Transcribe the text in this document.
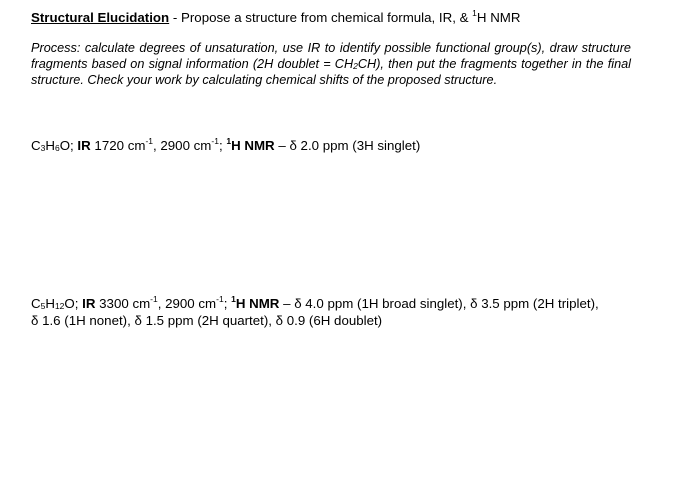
Structural Elucidation - Propose a structure from chemical formula, IR, & $^1$H NMR
Process: calculate degrees of unsaturation, use IR to identify possible functional group(s), draw structure fragments based on signal information (2H doublet = $CH_2CH$), then put the fragments together in the final structure. Check your work by calculating chemical shifts of the proposed structure.
$C_3H_6O$; IR 1720 $cm^{-1}$, 2900 $cm^{-1}$; $^1$H NMR – δ 2.0 ppm (3H singlet)
$C_5H_{12}O$; IR 3300 $cm^{-1}$, 2900 $cm^{-1}$; $^1$H NMR – δ 4.0 ppm (1H broad singlet), δ 3.5 ppm (2H triplet),
δ 1.6 (1H nonet), δ 1.5 ppm (2H quartet), δ 0.9 (6H doublet)
